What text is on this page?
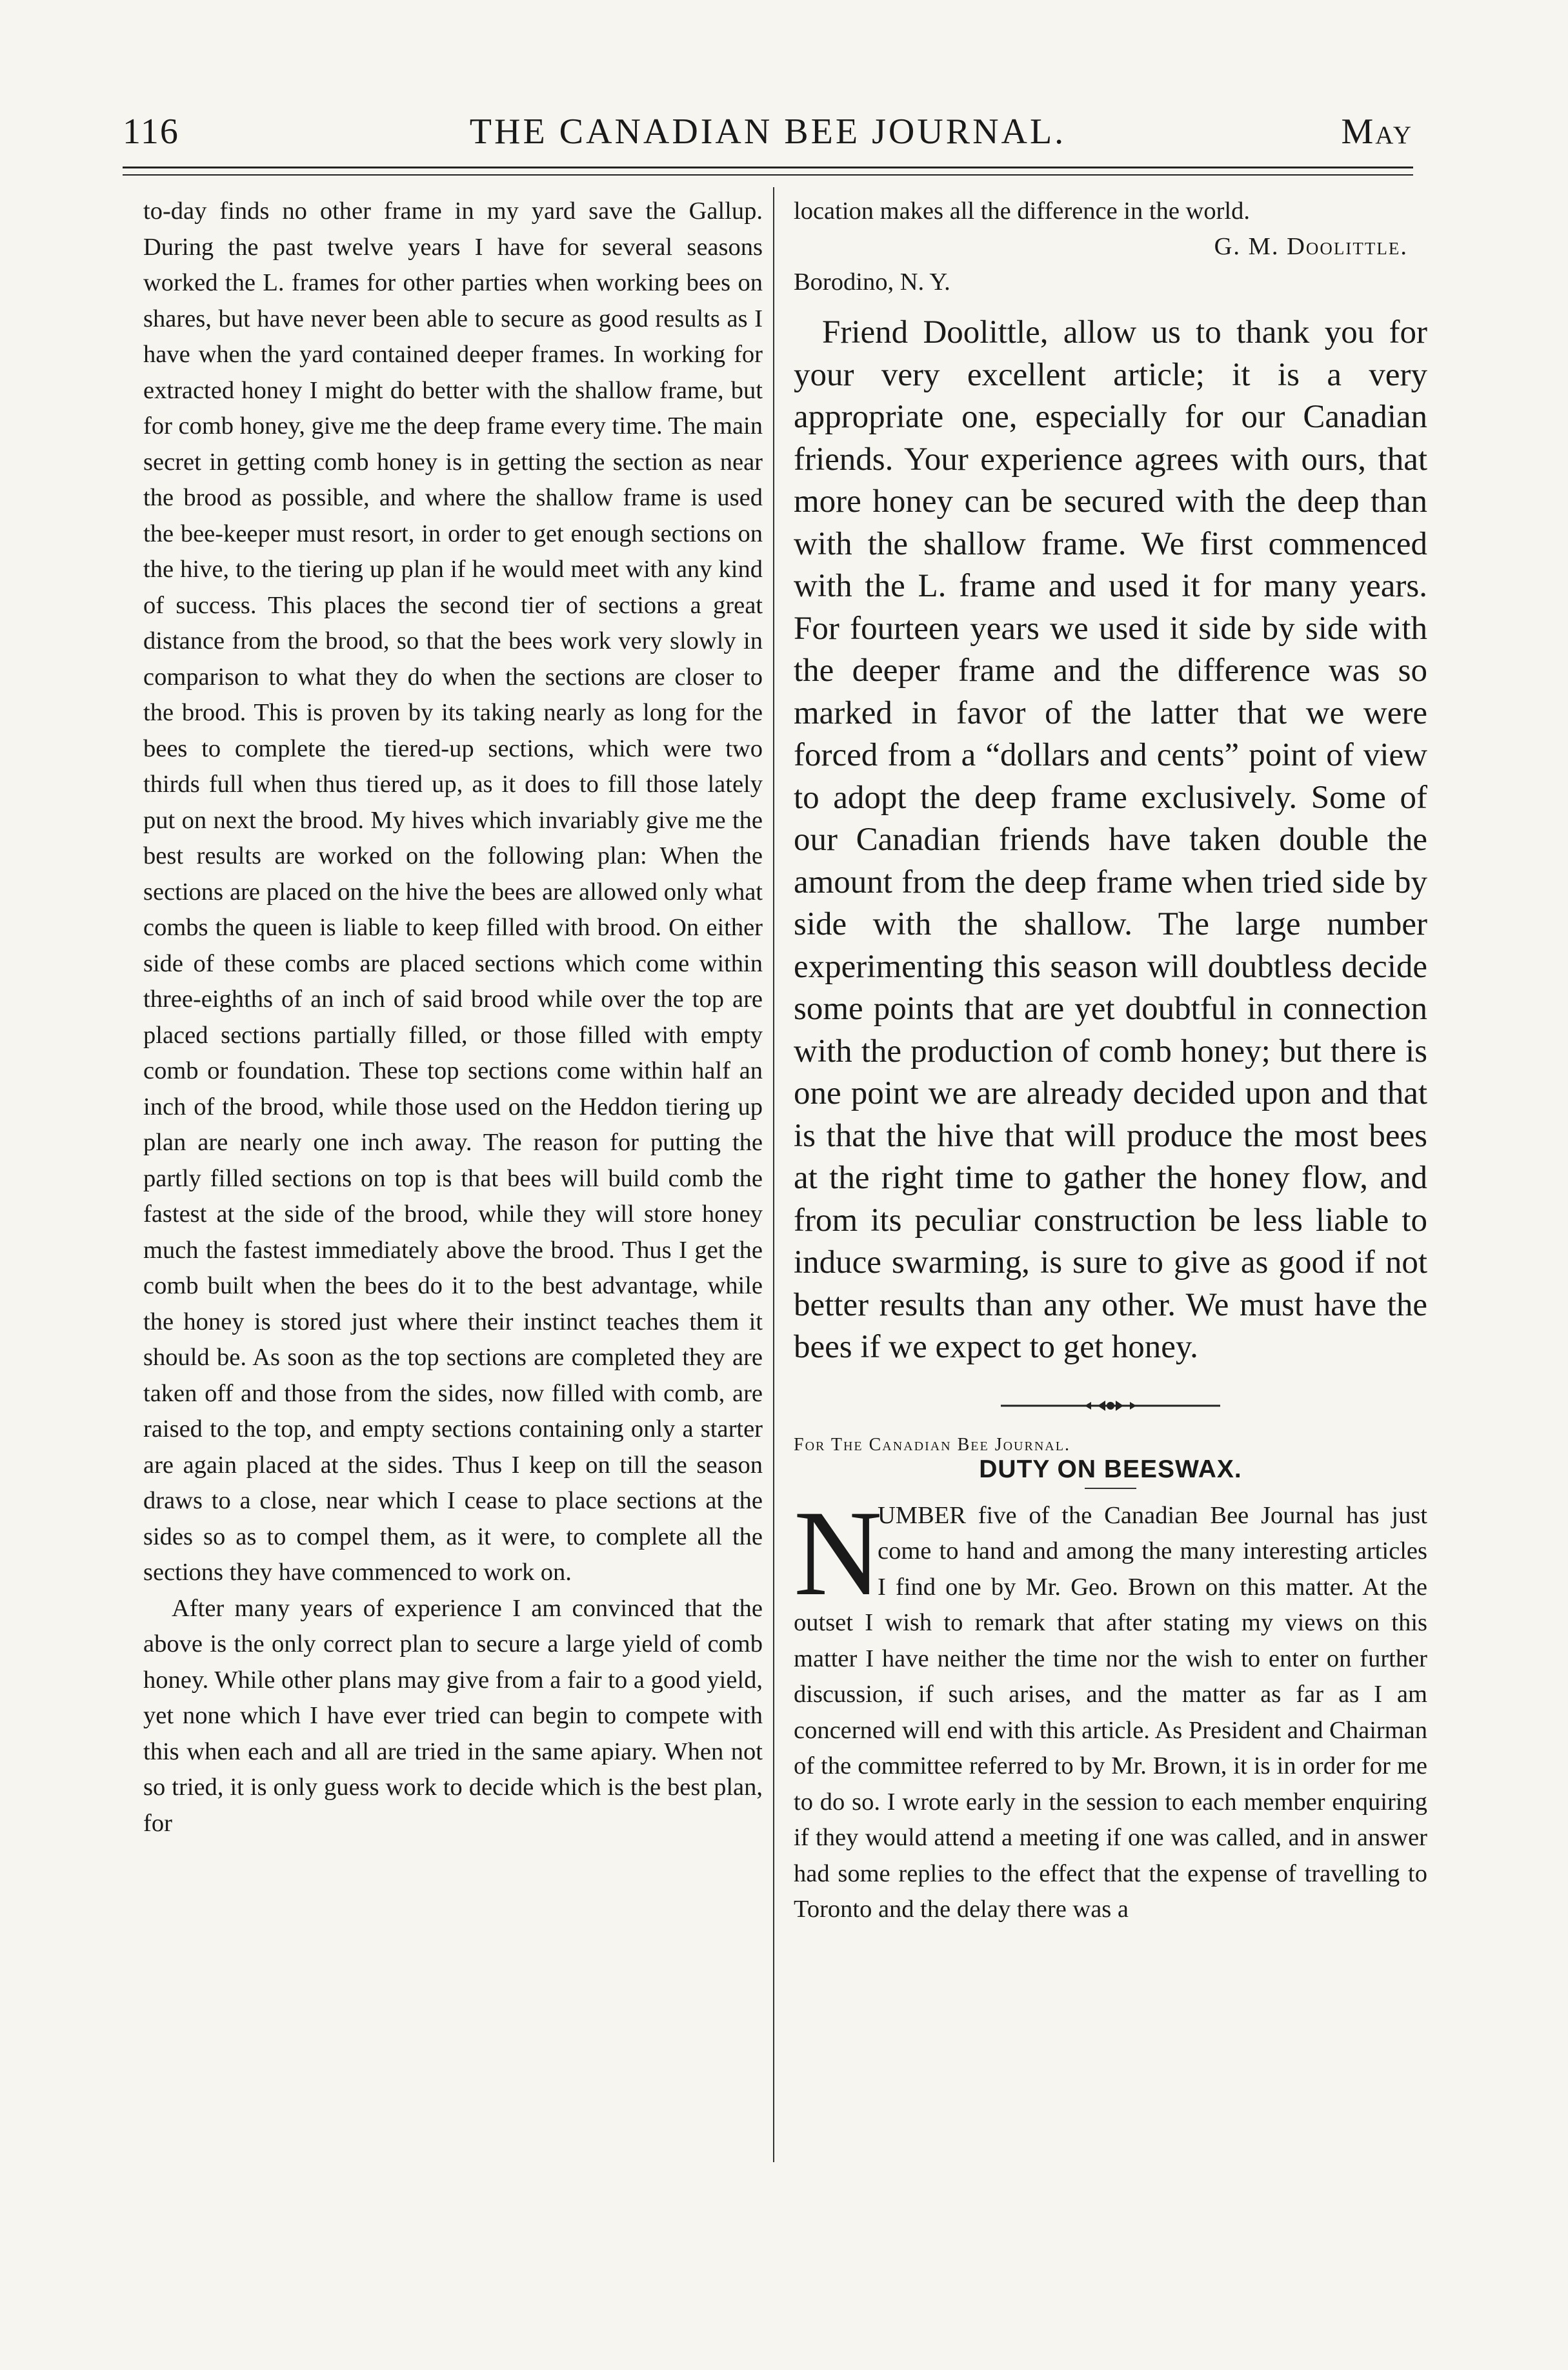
116	THE CANADIAN BEE JOURNAL.	May

to-day finds no other frame in my yard save the Gallup. During the past twelve years I have for several seasons worked the L. frames for other parties when working bees on shares, but have never been able to secure as good results as I have when the yard contained deeper frames. In working for extracted honey I might do better with the shallow frame, but for comb honey, give me the deep frame every time. The main secret in getting comb honey is in getting the section as near the brood as possible, and where the shallow frame is used the bee-keeper must resort, in order to get enough sections on the hive, to the tiering up plan if he would meet with any kind of success. This places the second tier of sections a great distance from the brood, so that the bees work very slowly in comparison to what they do when the sections are closer to the brood. This is proven by its taking nearly as long for the bees to complete the tiered-up sections, which were two thirds full when thus tiered up, as it does to fill those lately put on next the brood. My hives which invariably give me the best results are worked on the following plan: When the sections are placed on the hive the bees are allowed only what combs the queen is liable to keep filled with brood. On either side of these combs are placed sections which come within three-eighths of an inch of said brood while over the top are placed sections partially filled, or those filled with empty comb or foundation. These top sections come within half an inch of the brood, while those used on the Heddon tiering up plan are nearly one inch away. The reason for putting the partly filled sections on top is that bees will build comb the fastest at the side of the brood, while they will store honey much the fastest immediately above the brood. Thus I get the comb built when the bees do it to the best advantage, while the honey is stored just where their instinct teaches them it should be. As soon as the top sections are completed they are taken off and those from the sides, now filled with comb, are raised to the top, and empty sections containing only a starter are again placed at the sides. Thus I keep on till the season draws to a close, near which I cease to place sections at the sides so as to compel them, as it were, to complete all the sections they have commenced to work on.

After many years of experience I am convinced that the above is the only correct plan to secure a large yield of comb honey. While other plans may give from a fair to a good yield, yet none which I have ever tried can begin to compete with this when each and all are tried in the same apiary. When not so tried, it is only guess work to decide which is the best plan, for

location makes all the difference in the world.

G. M. Doolittle.

Borodino, N. Y.

Friend Doolittle, allow us to thank you for your very excellent article; it is a very appropriate one, especially for our Canadian friends. Your experience agrees with ours, that more honey can be secured with the deep than with the shallow frame. We first commenced with the L. frame and used it for many years. For fourteen years we used it side by side with the deeper frame and the difference was so marked in favor of the latter that we were forced from a “dollars and cents” point of view to adopt the deep frame exclusively. Some of our Canadian friends have taken double the amount from the deep frame when tried side by side with the shallow. The large number experimenting this season will doubtless decide some points that are yet doubtful in connection with the production of comb honey; but there is one point we are already decided upon and that is that the hive that will produce the most bees at the right time to gather the honey flow, and from its peculiar construction be less liable to induce swarming, is sure to give as good if not better results than any other. We must have the bees if we expect to get honey.

For The Canadian Bee Journal.

DUTY ON BEESWAX.

N

UMBER five of the Canadian Bee Journal has just come to hand and among the many interesting articles I find one by Mr. Geo. Brown on this matter. At the outset I wish to remark that after stating my views on this matter I have neither the time nor the wish to enter on further discussion, if such arises, and the matter as far as I am concerned will end with this article. As President and Chairman of the committee referred to by Mr. Brown, it is in order for me to do so. I wrote early in the session to each member enquiring if they would attend a meeting if one was called, and in answer had some replies to the effect that the expense of travelling to Toronto and the delay there was a
